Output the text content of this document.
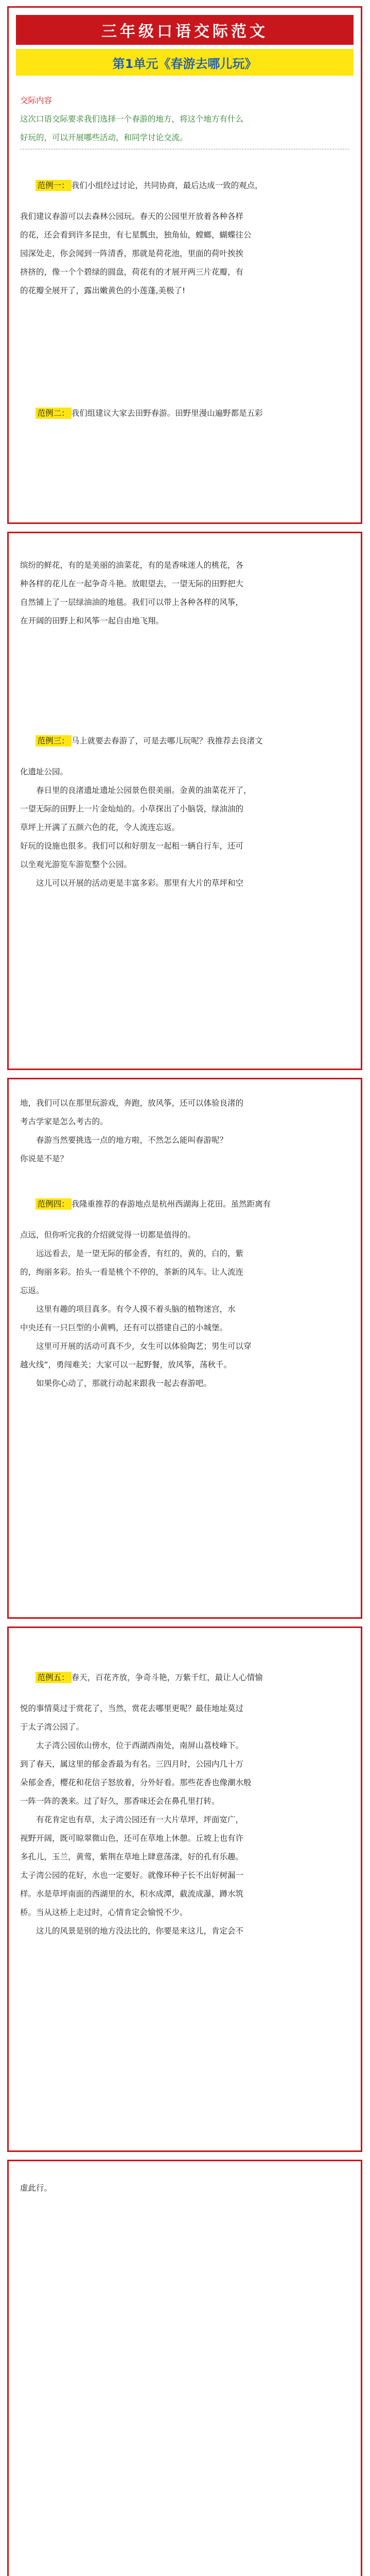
三年级口语交际范文
第1单元《春游去哪儿玩》
交际内容
这次口语交际要求我们选择一个春游的地方，将这个地方有什么
好玩的，可以开展哪些活动，和同学讨论交流。

范例一： 我们小组经过讨论，共同协商，最后达成一致的观点，

我们建议春游可以去森林公园玩。春天的公园里开放着各种各样
的花，还会看到许多昆虫，有七星瓢虫，独角仙，螳螂，蝴蝶往公
园深处走，你会闻到一阵清香，那就是荷花池，里面的荷叶挨挨
挤挤的，像一个个碧绿的圆盘，荷花有的才展开两三片花瓣，有
的花瓣全展开了，露出嫩黄色的小莲蓬,美极了!

范例二： 我们组建议大家去田野春游。田野里漫山遍野都是五彩

缤纷的鲜花，有的是美丽的油菜花，有的是香味迷人的桃花，各
种各样的花儿在一起争奇斗艳。放眼望去，一望无际的田野把大
自然铺上了一层绿油油的地毯。我们可以带上各种各样的风筝，
在开阔的田野上和风筝一起自由地飞翔。

范例三： 马上就要去春游了，可是去哪儿玩呢？我推荐去良渚文

化遗址公园。
春日里的良渚遗址遗址公园景色很美丽。金黄的油菜花开了，
一望无际的田野上一片金灿灿的。小草探出了小脑袋，绿油油的
草坪上开满了五颜六色的花，令人流连忘返。
好玩的设施也很多。我们可以和好朋友一起租一辆自行车，还可
以坐观光游览车游览整个公园。
这儿可以开展的活动更是丰富多彩。那里有大片的草坪和空
地，我们可以在那里玩游戏，奔跑，放风筝，还可以体验良渚的
考古学家是怎么考古的。
春游当然要挑选一点的地方啦，不然怎么能叫春游呢？
你说是不是？

范例四： 我隆重推荐的春游地点是杭州西湖海上花田。虽然距离有

点远，但你听完我的介绍就觉得一切都是值得的。
远远看去，是一望无际的郁金香，有红的，黄的，白的，紫
的，绚丽多彩。抬头一看是桃个不停的，茶新的风车。让人流连
忘返。
这里有趣的项目真多。有令人摸不着头脑的植物迷宫，水
中央还有一只巨型的小黄鸭，还有可以搭建自己的小城堡。
这里可开展的活动可真不少，女生可以体验陶艺；男生可以穿
越火线”，勇闯难关；大家可以一起野餐，放风筝，荡秋千。
如果你心动了，那就行动起来跟我一起去春游吧。

范例五： 春天，百花齐放，争奇斗艳，万紫千红，最让人心情愉

悦的事情莫过于赏花了，当然，赏花去哪里更呢？最佳地址莫过
于太子湾公园了。
太子湾公园依山傍水，位于西湖西南处，南屏山荔枝峰下。
到了春天，属这里的郁金香最为有名。三四月时，公园内几十万
朵郁金香，樱花和花信子怒放着，分外好看。那些花香也像潮水般
一阵一阵的袭来。过了好久，那香味还会在鼻孔里打转。
有花肯定也有草，太子湾公园还有一大片草坪，坪面宽广，
视野开阔，既可晾翠微山色，还可在草地上休憩。丘坡上也有许
多孔儿，玉兰，黄莺，紫荆在草地上肆意荡漾，好的孔有乐趣。
太子湾公园的花好，水也一定要好。就像环种子长不出好树漏一
样。水是草坪南面的西湖里的水，积水成潭，截流成瀑，蹲水筑
桥。当从这桥上走过时，心情肯定会愉悦不少。
这儿的风景是别的地方没法比的，你要是来这儿，肯定会不
虚此行。
